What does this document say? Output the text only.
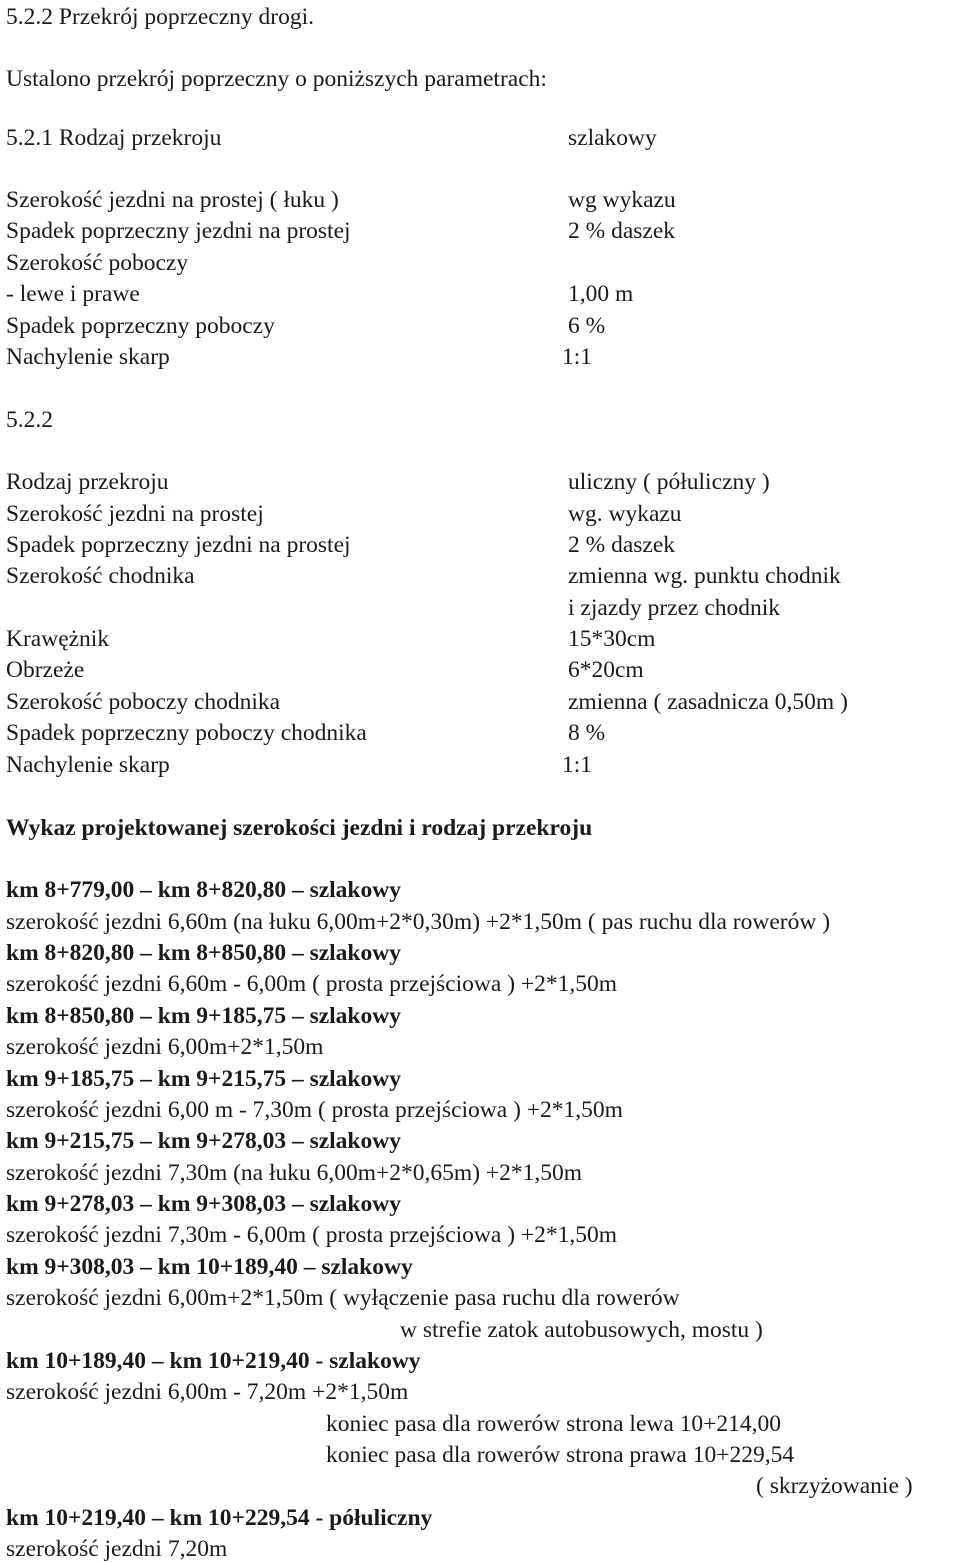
5.2.2 Przekrój poprzeczny drogi.
Ustalono przekrój poprzeczny o poniższych parametrach:
5.2.1 Rodzaj przekroju	szlakowy
Szerokość jezdni na prostej ( łuku )	wg wykazu
Spadek poprzeczny jezdni na prostej	2 % daszek
Szerokość poboczy
- lewe i prawe	1,00 m
Spadek poprzeczny poboczy	6 %
Nachylenie skarp	1:1
5.2.2
Rodzaj przekroju	uliczny ( półuliczny )
Szerokość jezdni na prostej	wg. wykazu
Spadek poprzeczny jezdni na prostej	2 % daszek
Szerokość chodnika	zmienna wg. punktu chodnik
i zjazdy przez chodnik
Krawężnik	15*30cm
Obrzeże	6*20cm
Szerokość poboczy chodnika	zmienna ( zasadnicza 0,50m )
Spadek poprzeczny poboczy chodnika	8 %
Nachylenie skarp	1:1
Wykaz projektowanej szerokości jezdni i rodzaj przekroju
km 8+779,00 – km 8+820,80 – szlakowy
szerokość jezdni 6,60m (na łuku 6,00m+2*0,30m) +2*1,50m ( pas ruchu dla rowerów )
km 8+820,80 – km 8+850,80 – szlakowy
szerokość jezdni 6,60m - 6,00m ( prosta przejściowa ) +2*1,50m
km 8+850,80 – km 9+185,75 – szlakowy
szerokość jezdni 6,00m+2*1,50m
km 9+185,75 – km 9+215,75 – szlakowy
szerokość jezdni 6,00 m - 7,30m ( prosta przejściowa ) +2*1,50m
km 9+215,75 – km 9+278,03 – szlakowy
szerokość jezdni 7,30m (na łuku 6,00m+2*0,65m) +2*1,50m
km 9+278,03 – km 9+308,03 – szlakowy
szerokość jezdni 7,30m - 6,00m ( prosta przejściowa ) +2*1,50m
km 9+308,03 – km 10+189,40 – szlakowy
szerokość jezdni 6,00m+2*1,50m ( wyłączenie pasa ruchu dla rowerów
w strefie zatok autobusowych, mostu )
km 10+189,40 – km 10+219,40 - szlakowy
szerokość jezdni 6,00m - 7,20m +2*1,50m
koniec pasa dla rowerów strona lewa 10+214,00
koniec pasa dla rowerów strona prawa 10+229,54
( skrzyżowanie )
km 10+219,40 – km 10+229,54 - półuliczny
szerokość jezdni 7,20m
